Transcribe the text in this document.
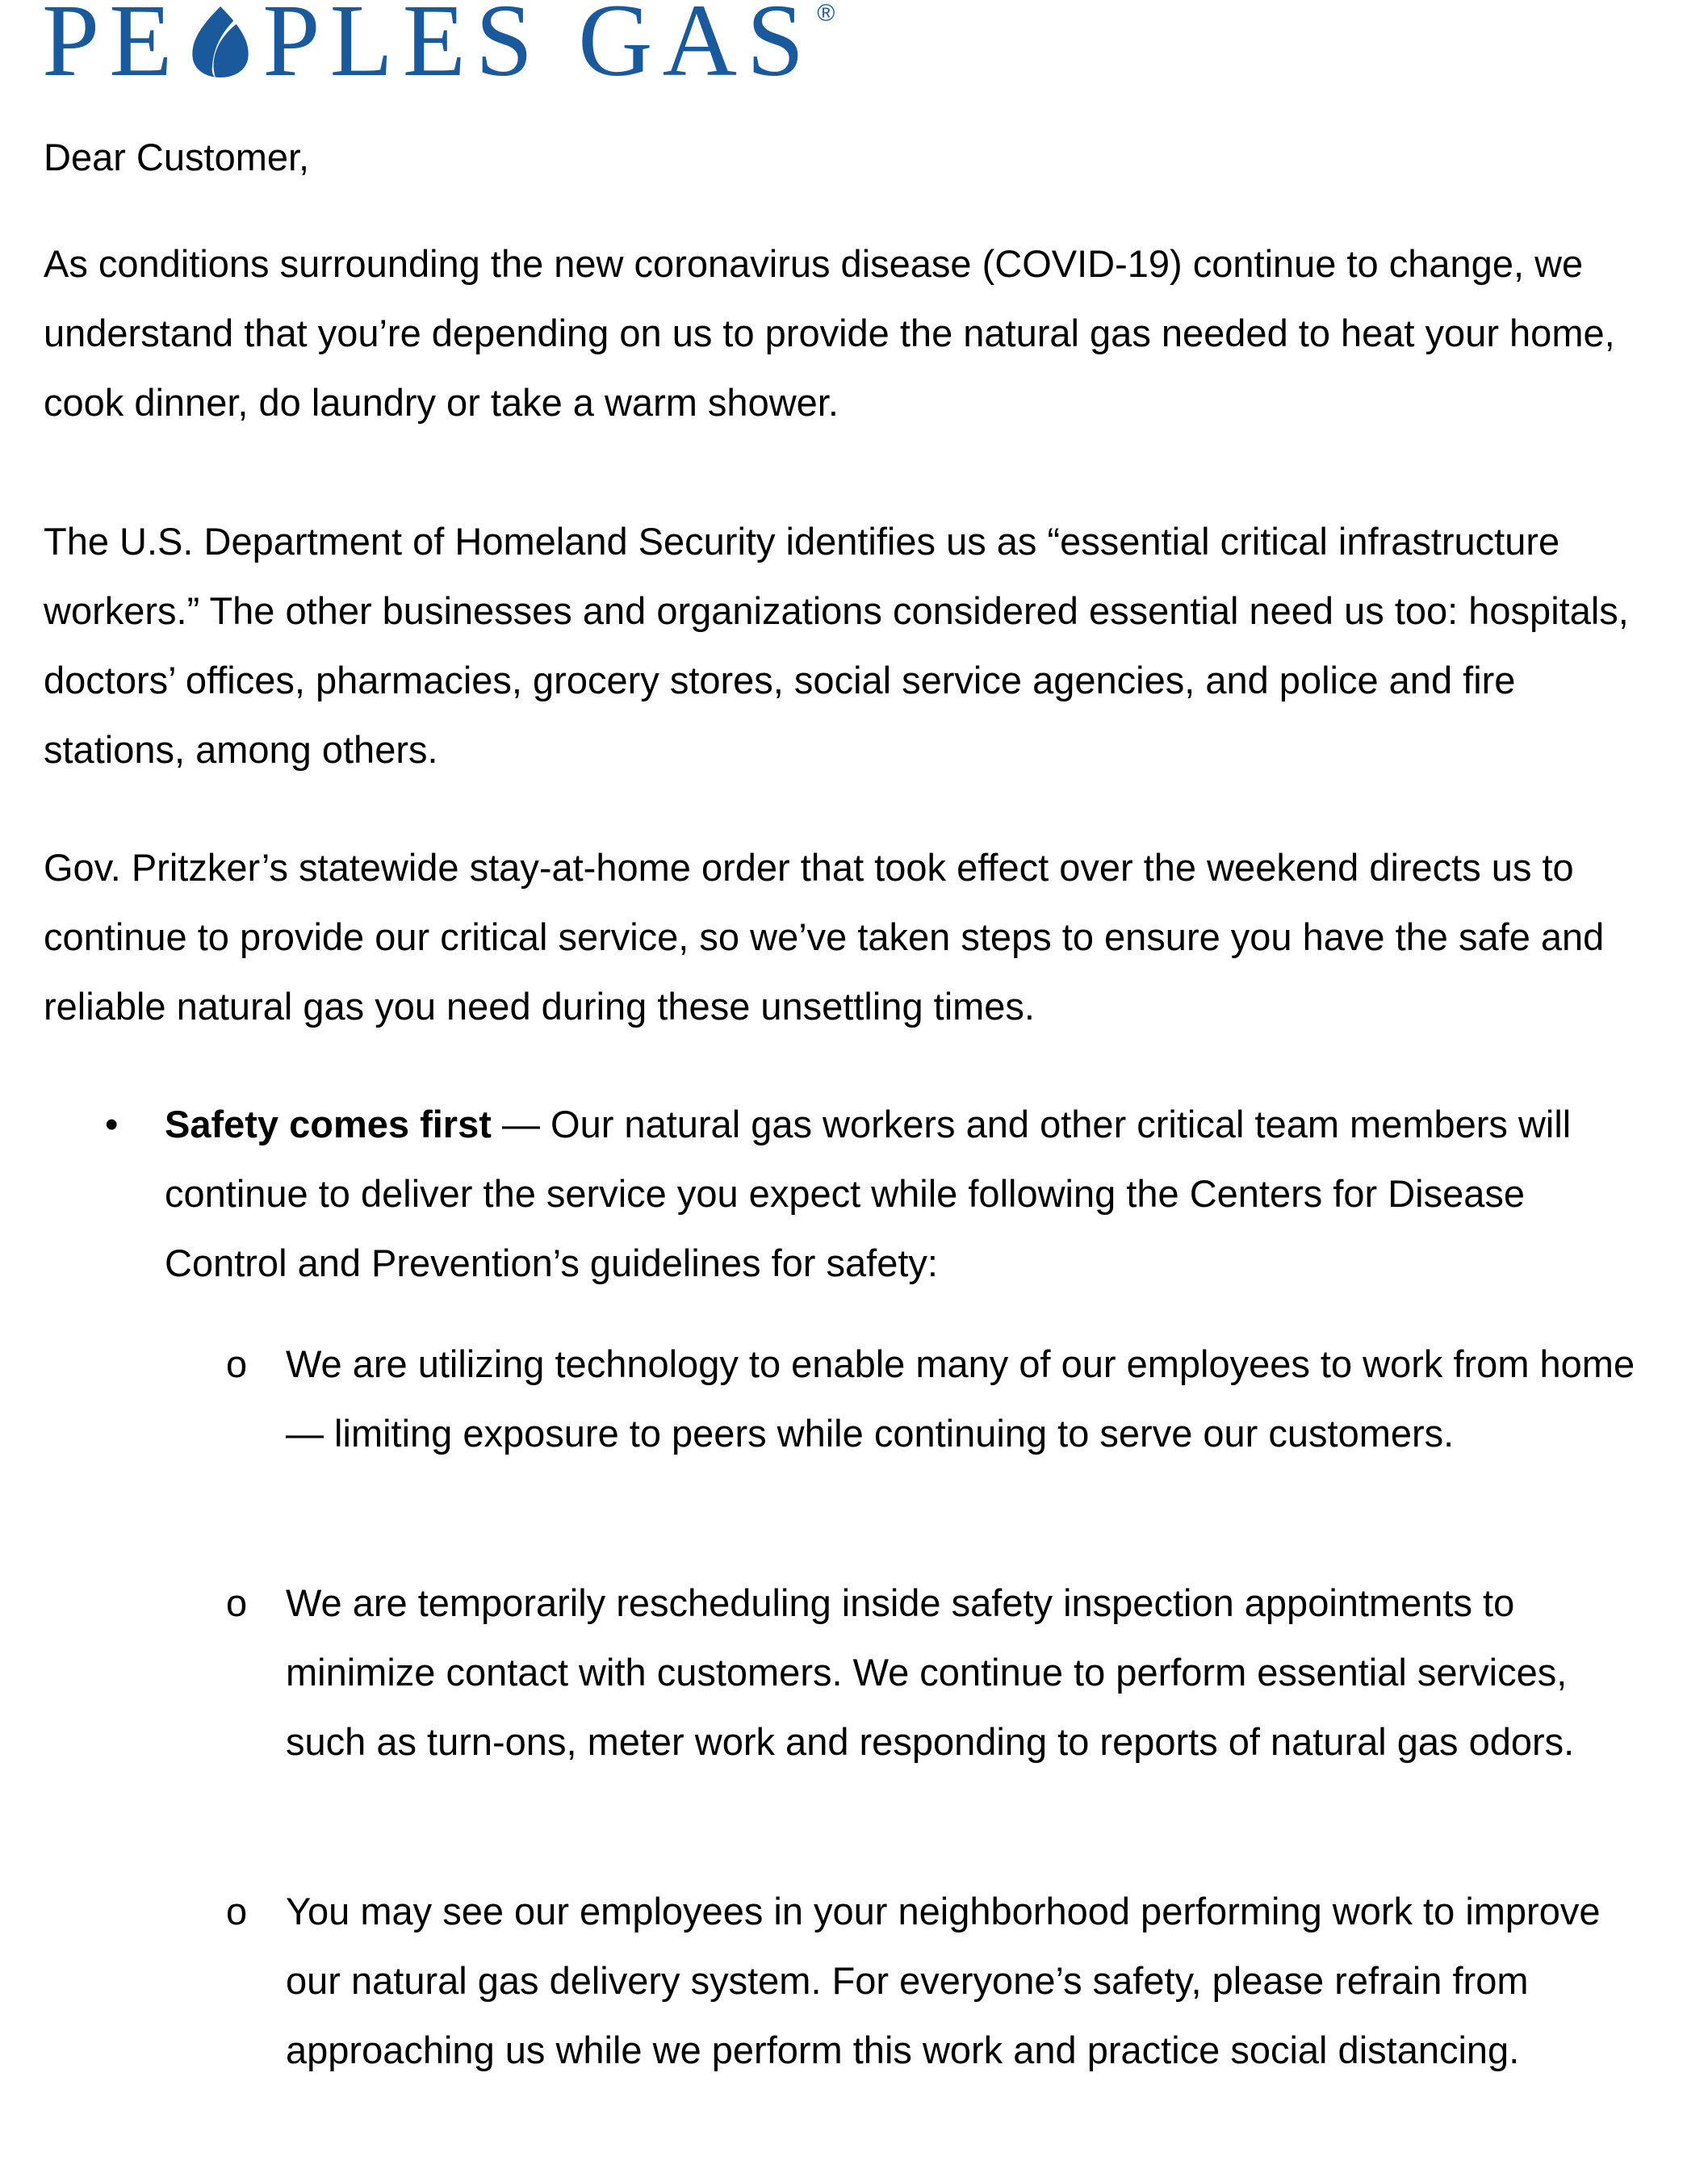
PE PLES GAS ®

Dear Customer,

As conditions surrounding the new coronavirus disease (COVID-19) continue to change, we understand that you’re depending on us to provide the natural gas needed to heat your home, cook dinner, do laundry or take a warm shower.

The U.S. Department of Homeland Security identifies us as “essential critical infrastructure workers.” The other businesses and organizations considered essential need us too: hospitals, doctors’ offices, pharmacies, grocery stores, social service agencies, and police and fire stations, among others.

Gov. Pritzker’s statewide stay-at-home order that took effect over the weekend directs us to continue to provide our critical service, so we’ve taken steps to ensure you have the safe and reliable natural gas you need during these unsettling times.

• Safety comes first — Our natural gas workers and other critical team members will continue to deliver the service you expect while following the Centers for Disease Control and Prevention’s guidelines for safety:

o We are utilizing technology to enable many of our employees to work from home — limiting exposure to peers while continuing to serve our customers.

o We are temporarily rescheduling inside safety inspection appointments to minimize contact with customers. We continue to perform essential services, such as turn-ons, meter work and responding to reports of natural gas odors.

o You may see our employees in your neighborhood performing work to improve our natural gas delivery system. For everyone’s safety, please refrain from approaching us while we perform this work and practice social distancing.
